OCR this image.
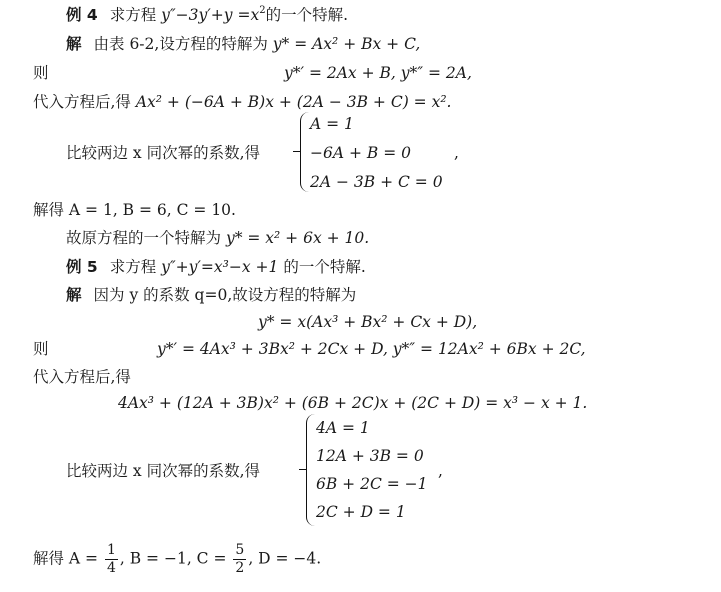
例 4 求方程 $y''-3y'+y =x^2$的一个特解.
解 由表 6-2,设方程的特解为 y* = Ax² + Bx + C,
则	y*′ = 2Ax + B, y*″ = 2A,
代入方程后,得 Ax² + (−6A + B)x + (2A − 3B + C) = x².
比较两边 x 同次幂的系数,得
A = 1
−6A + B = 0
2A − 3B + C = 0
,
解得 A = 1, B = 6, C = 10.
故原方程的一个特解为 y* = x² + 6x + 10.
例 5 求方程 y″+y′=x³−x +1 的一个特解.
解 因为 y 的系数 q=0,故设方程的特解为
y* = x(Ax³ + Bx² + Cx + D),
则	y*′ = 4Ax³ + 3Bx² + 2Cx + D, y*″ = 12Ax² + 6Bx + 2C,
代入方程后,得
4Ax³ + (12A + 3B)x² + (6B + 2C)x + (2C + D) = x³ − x + 1.
比较两边 x 同次幂的系数,得
4A = 1
12A + 3B = 0
6B + 2C = −1
2C + D = 1
,
解得 $A = \frac{1}{4}$ , B = −1, $C = \frac{5}{2}$ , D = −4.
